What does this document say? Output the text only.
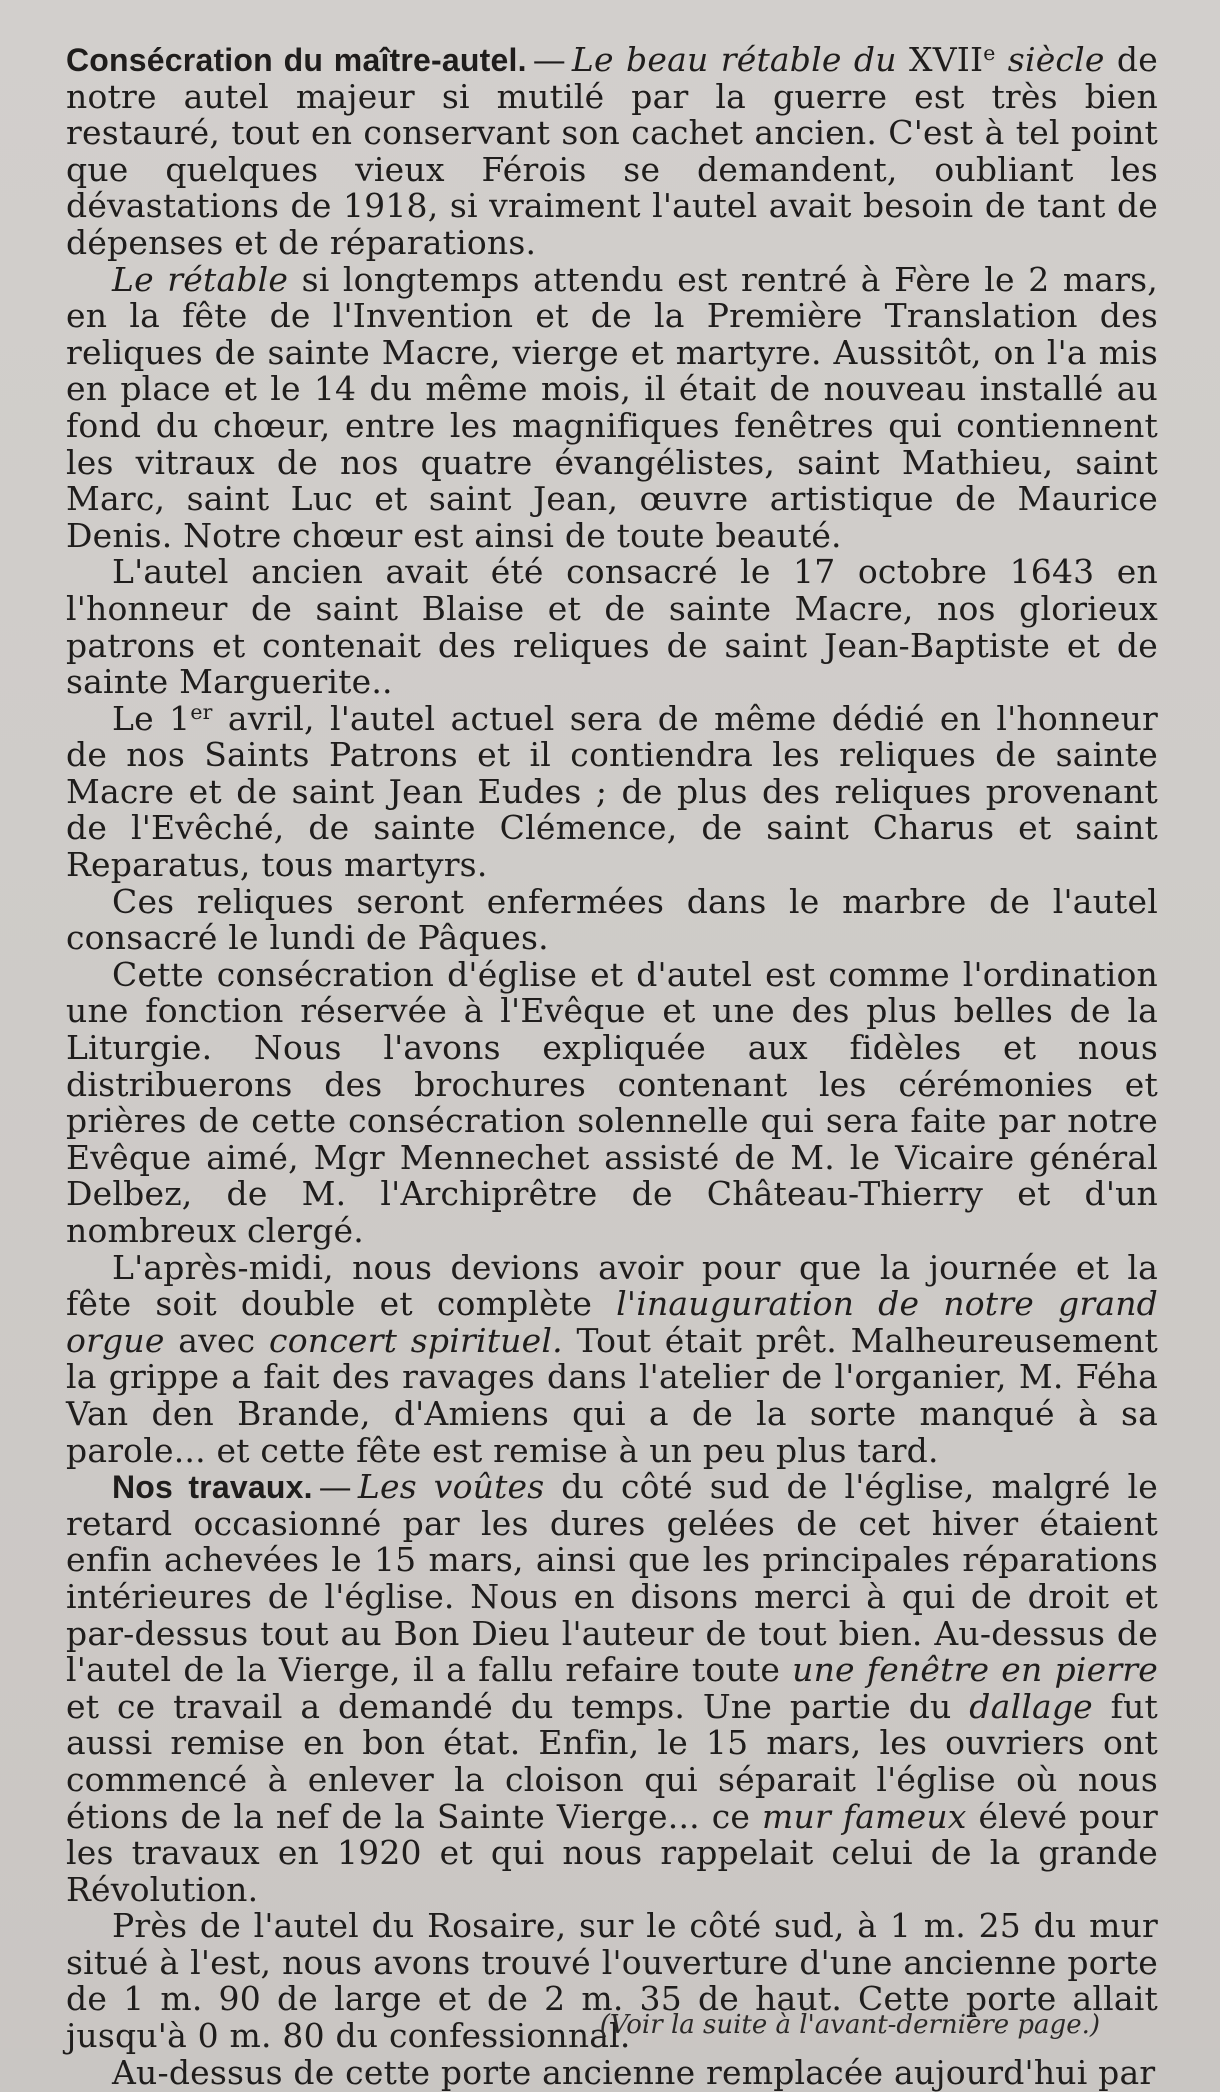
Consécration du maître-autel. — Le beau rétable du XVIIe siècle de notre autel majeur si mutilé par la guerre est très bien restauré, tout en conservant son cachet ancien. C'est à tel point que quelques vieux Férois se demandent, oubliant les dévastations de 1918, si vraiment l'autel avait besoin de tant de dépenses et de réparations.

Le rétable si longtemps attendu est rentré à Fère le 2 mars, en la fête de l'Invention et de la Première Translation des reliques de sainte Macre, vierge et martyre. Aussitôt, on l'a mis en place et le 14 du même mois, il était de nouveau installé au fond du chœur, entre les magnifiques fenêtres qui contiennent les vitraux de nos quatre évangélistes, saint Mathieu, saint Marc, saint Luc et saint Jean, œuvre artistique de Maurice Denis. Notre chœur est ainsi de toute beauté.

L'autel ancien avait été consacré le 17 octobre 1643 en l'honneur de saint Blaise et de sainte Macre, nos glorieux patrons et contenait des reliques de saint Jean-Baptiste et de sainte Marguerite..

Le 1er avril, l'autel actuel sera de même dédié en l'honneur de nos Saints Patrons et il contiendra les reliques de sainte Macre et de saint Jean Eudes ; de plus des reliques provenant de l'Evêché, de sainte Clémence, de saint Charus et saint Reparatus, tous martyrs.

Ces reliques seront enfermées dans le marbre de l'autel consacré le lundi de Pâques.

Cette consécration d'église et d'autel est comme l'ordination une fonction réservée à l'Evêque et une des plus belles de la Liturgie. Nous l'avons expliquée aux fidèles et nous distribuerons des brochures contenant les cérémonies et prières de cette consécration solennelle qui sera faite par notre Evêque aimé, Mgr Mennechet assisté de M. le Vicaire général Delbez, de M. l'Archiprêtre de Château-Thierry et d'un nombreux clergé.

L'après-midi, nous devions avoir pour que la journée et la fête soit double et complète l'inauguration de notre grand orgue avec concert spirituel. Tout était prêt. Malheureusement la grippe a fait des ravages dans l'atelier de l'organier, M. Féha Van den Brande, d'Amiens qui a de la sorte manqué à sa parole... et cette fête est remise à un peu plus tard.

Nos travaux. — Les voûtes du côté sud de l'église, malgré le retard occasionné par les dures gelées de cet hiver étaient enfin achevées le 15 mars, ainsi que les principales réparations intérieures de l'église. Nous en disons merci à qui de droit et par-dessus tout au Bon Dieu l'auteur de tout bien. Au-dessus de l'autel de la Vierge, il a fallu refaire toute une fenêtre en pierre et ce travail a demandé du temps. Une partie du dallage fut aussi remise en bon état. Enfin, le 15 mars, les ouvriers ont commencé à enlever la cloison qui séparait l'église où nous étions de la nef de la Sainte Vierge... ce mur fameux élevé pour les travaux en 1920 et qui nous rappelait celui de la grande Révolution.

Près de l'autel du Rosaire, sur le côté sud, à 1 m. 25 du mur situé à l'est, nous avons trouvé l'ouverture d'une ancienne porte de 1 m. 90 de large et de 2 m. 35 de haut. Cette porte allait jusqu'à 0 m. 80 du confessionnal.

Au-dessus de cette porte ancienne remplacée aujourd'hui par

(Voir la suite à l'avant-dernière page.)
